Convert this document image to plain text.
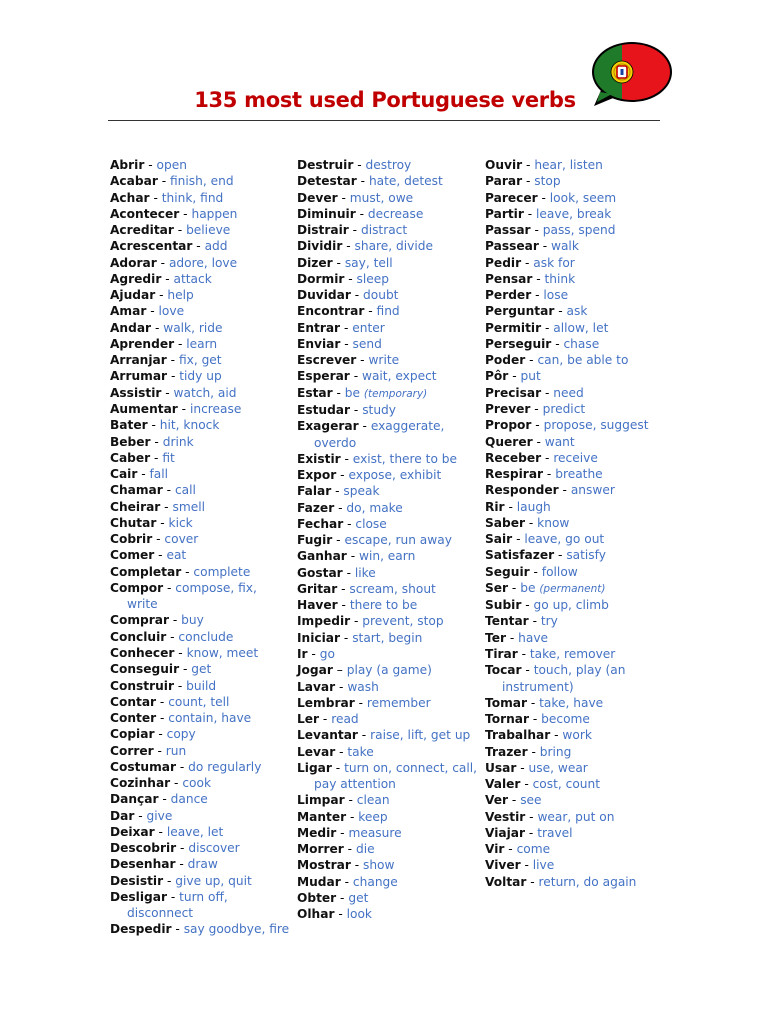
135 most used Portuguese verbs
Abrir - open
Acabar - finish, end
Achar - think, find
Acontecer - happen
Acreditar - believe
Acrescentar - add
Adorar - adore, love
Agredir - attack
Ajudar - help
Amar - love
Andar - walk, ride
Aprender - learn
Arranjar - fix, get
Arrumar - tidy up
Assistir - watch, aid
Aumentar - increase
Bater - hit, knock
Beber - drink
Caber - fit
Cair - fall
Chamar - call
Cheirar - smell
Chutar - kick
Cobrir - cover
Comer - eat
Completar - complete
Compor - compose, fix, write
Comprar - buy
Concluir - conclude
Conhecer - know, meet
Conseguir - get
Construir - build
Contar - count, tell
Conter - contain, have
Copiar - copy
Correr - run
Costumar - do regularly
Cozinhar - cook
Dançar - dance
Dar - give
Deixar - leave, let
Descobrir - discover
Desenhar - draw
Desistir - give up, quit
Desligar - turn off, disconnect
Despedir - say goodbye, fire
Destruir - destroy
Detestar - hate, detest
Dever - must, owe
Diminuir - decrease
Distrair - distract
Dividir - share, divide
Dizer - say, tell
Dormir - sleep
Duvidar - doubt
Encontrar - find
Entrar - enter
Enviar - send
Escrever - write
Esperar - wait, expect
Estar - be (temporary)
Estudar - study
Exagerar - exaggerate, overdo
Existir - exist, there to be
Expor - expose, exhibit
Falar - speak
Fazer - do, make
Fechar - close
Fugir - escape, run away
Ganhar - win, earn
Gostar - like
Gritar - scream, shout
Haver - there to be
Impedir - prevent, stop
Iniciar - start, begin
Ir - go
Jogar – play (a game)
Lavar - wash
Lembrar - remember
Ler - read
Levantar - raise, lift, get up
Levar - take
Ligar - turn on, connect, call, pay attention
Limpar - clean
Manter - keep
Medir - measure
Morrer - die
Mostrar - show
Mudar - change
Obter - get
Olhar - look
Ouvir - hear, listen
Parar - stop
Parecer - look, seem
Partir - leave, break
Passar - pass, spend
Passear - walk
Pedir - ask for
Pensar - think
Perder - lose
Perguntar - ask
Permitir - allow, let
Perseguir - chase
Poder - can, be able to
Pôr - put
Precisar - need
Prever - predict
Propor - propose, suggest
Querer - want
Receber - receive
Respirar - breathe
Responder - answer
Rir - laugh
Saber - know
Sair - leave, go out
Satisfazer - satisfy
Seguir - follow
Ser - be (permanent)
Subir - go up, climb
Tentar - try
Ter - have
Tirar - take, remover
Tocar - touch, play (an instrument)
Tomar - take, have
Tornar - become
Trabalhar - work
Trazer - bring
Usar - use, wear
Valer - cost, count
Ver - see
Vestir - wear, put on
Viajar - travel
Vir - come
Viver - live
Voltar - return, do again
